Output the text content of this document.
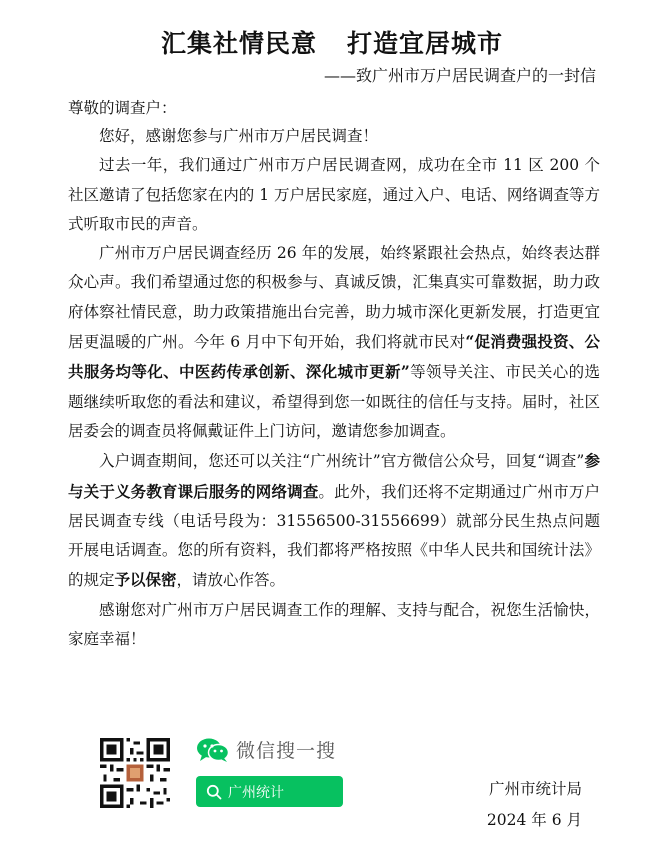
汇集社情民意 打造宜居城市
——致广州市万户居民调查户的一封信
尊敬的调查户：

您好，感谢您参与广州市万户居民调查！

过去一年，我们通过广州市万户居民调查网，成功在全市 11 区 200 个社区邀请了包括您家在内的 1 万户居民家庭，通过入户、电话、网络调查等方式听取市民的声音。

广州市万户居民调查经历 26 年的发展，始终紧跟社会热点，始终表达群众心声。我们希望通过您的积极参与、真诚反馈，汇集真实可靠数据，助力政府体察社情民意，助力政策措施出台完善，助力城市深化更新发展，打造更宜居更温暖的广州。今年 6 月中下旬开始，我们将就市民对“促消费强投资、公共服务均等化、中医药传承创新、深化城市更新”等领导关注、市民关心的选题继续听取您的看法和建议，希望得到您一如既往的信任与支持。届时，社区居委会的调查员将佩戴证件上门访问，邀请您参加调查。

入户调查期间，您还可以关注“广州统计”官方微信公众号，回复“调查”参与关于义务教育课后服务的网络调查。此外，我们还将不定期通过广州市万户居民调查专线（电话号段为：31556500-31556699）就部分民生热点问题开展电话调查。您的所有资料，我们都将严格按照《中华人民共和国统计法》的规定予以保密，请放心作答。

感谢您对广州市万户居民调查工作的理解、支持与配合，祝您生活愉快，家庭幸福！

微信搜一搜
广州统计	广州市统计局
2024 年 6 月
